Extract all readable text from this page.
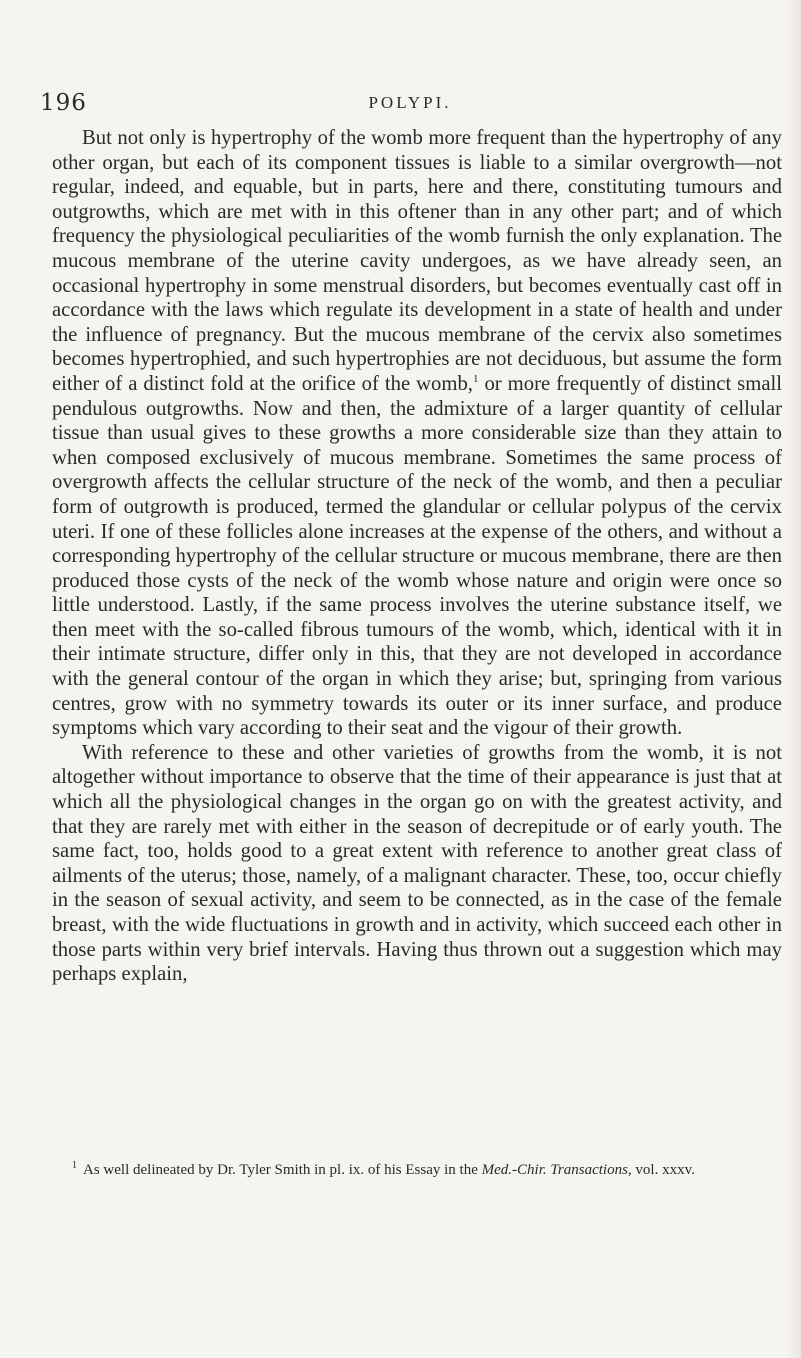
196	POLYPI.

But not only is hypertrophy of the womb more frequent than the hypertrophy of any other organ, but each of its component tissues is liable to a similar overgrowth—not regular, indeed, and equable, but in parts, here and there, constituting tumours and outgrowths, which are met with in this oftener than in any other part; and of which frequency the physiological peculiarities of the womb furnish the only explanation. The mucous membrane of the uterine cavity undergoes, as we have already seen, an occasional hypertrophy in some menstrual disorders, but becomes eventually cast off in accordance with the laws which regulate its development in a state of health and under the influence of pregnancy. But the mucous membrane of the cervix also sometimes becomes hypertrophied, and such hypertrophies are not deciduous, but assume the form either of a distinct fold at the orifice of the womb,$^1$ or more frequently of distinct small pendulous outgrowths. Now and then, the admixture of a larger quantity of cellular tissue than usual gives to these growths a more considerable size than they attain to when composed exclusively of mucous membrane. Sometimes the same process of overgrowth affects the cellular structure of the neck of the womb, and then a peculiar form of outgrowth is produced, termed the glandular or cellular polypus of the cervix uteri. If one of these follicles alone increases at the expense of the others, and without a corresponding hypertrophy of the cellular structure or mucous membrane, there are then produced those cysts of the neck of the womb whose nature and origin were once so little understood. Lastly, if the same process involves the uterine substance itself, we then meet with the so-called fibrous tumours of the womb, which, identical with it in their intimate structure, differ only in this, that they are not developed in accordance with the general contour of the organ in which they arise; but, springing from various centres, grow with no symmetry towards its outer or its inner surface, and produce symptoms which vary according to their seat and the vigour of their growth.

With reference to these and other varieties of growths from the womb, it is not altogether without importance to observe that the time of their appearance is just that at which all the physiological changes in the organ go on with the greatest activity, and that they are rarely met with either in the season of decrepitude or of early youth. The same fact, too, holds good to a great extent with reference to another great class of ailments of the uterus; those, namely, of a malignant character. These, too, occur chiefly in the season of sexual activity, and seem to be connected, as in the case of the female breast, with the wide fluctuations in growth and in activity, which succeed each other in those parts within very brief intervals. Having thus thrown out a suggestion which may perhaps explain,

$^1$ As well delineated by Dr. Tyler Smith in pl. ix. of his Essay in the Med.-Chir. Transactions, vol. xxxv.
